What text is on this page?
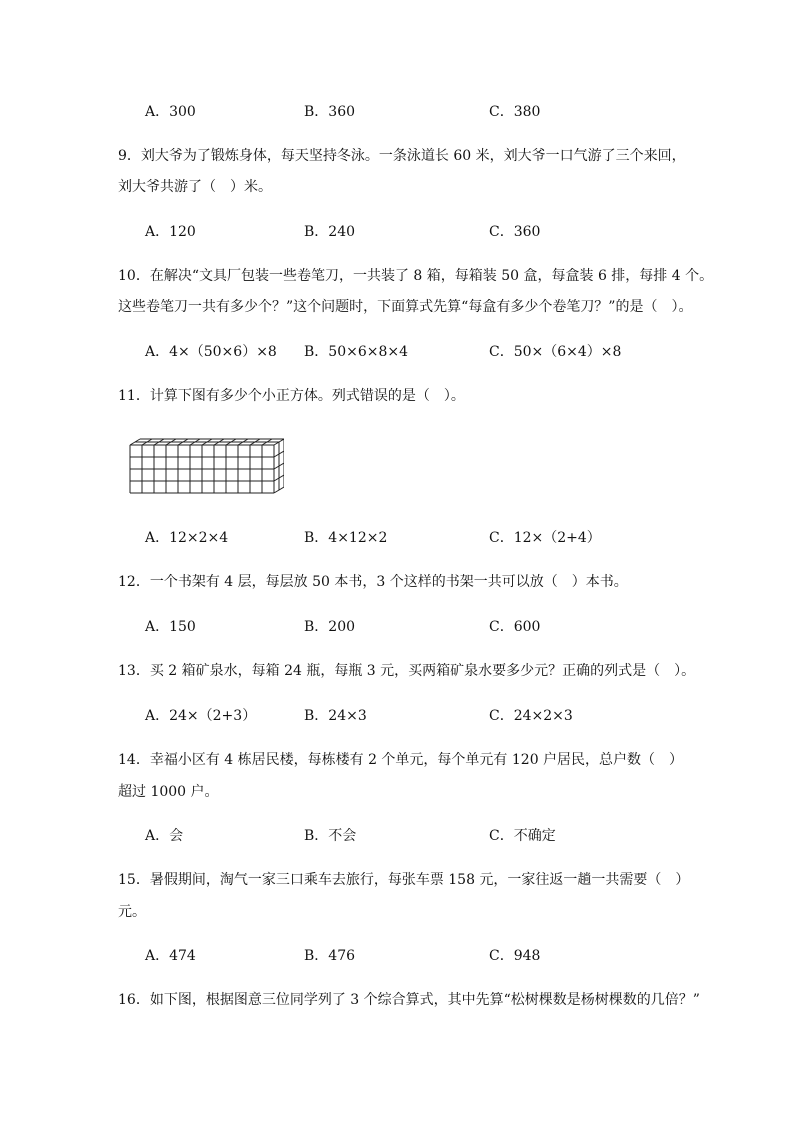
A．300	B．360	C．380
9．刘大爷为了锻炼身体，每天坚持冬泳。一条泳道长 60 米，刘大爷一口气游了三个来回，
刘大爷共游了（　）米。
A．120	B．240	C．360
10．在解决“文具厂包装一些卷笔刀，一共装了 8 箱，每箱装 50 盒，每盒装 6 排，每排 4 个。
这些卷笔刀一共有多少个？”这个问题时，下面算式先算“每盒有多少个卷笔刀？”的是（　）。
A．4×（50×6）×8 B．50×6×8×4	C．50×（6×4）×8
11．计算下图有多少个小正方体。列式错误的是（　）。
A．12×2×4	B．4×12×2	C．12×（2+4）
12．一个书架有 4 层，每层放 50 本书，3 个这样的书架一共可以放（　）本书。
A．150	B．200	C．600
13．买 2 箱矿泉水，每箱 24 瓶，每瓶 3 元，买两箱矿泉水要多少元？正确的列式是（　）。
A．24×（2+3）	B．24×3	C．24×2×3
14．幸福小区有 4 栋居民楼，每栋楼有 2 个单元，每个单元有 120 户居民，总户数（　）
超过 1000 户。
A．会	B．不会	C．不确定
15．暑假期间，淘气一家三口乘车去旅行，每张车票 158 元，一家往返一趟一共需要（　）
元。
A．474	B．476	C．948
16．如下图，根据图意三位同学列了 3 个综合算式，其中先算“松树棵数是杨树棵数的几倍？”
